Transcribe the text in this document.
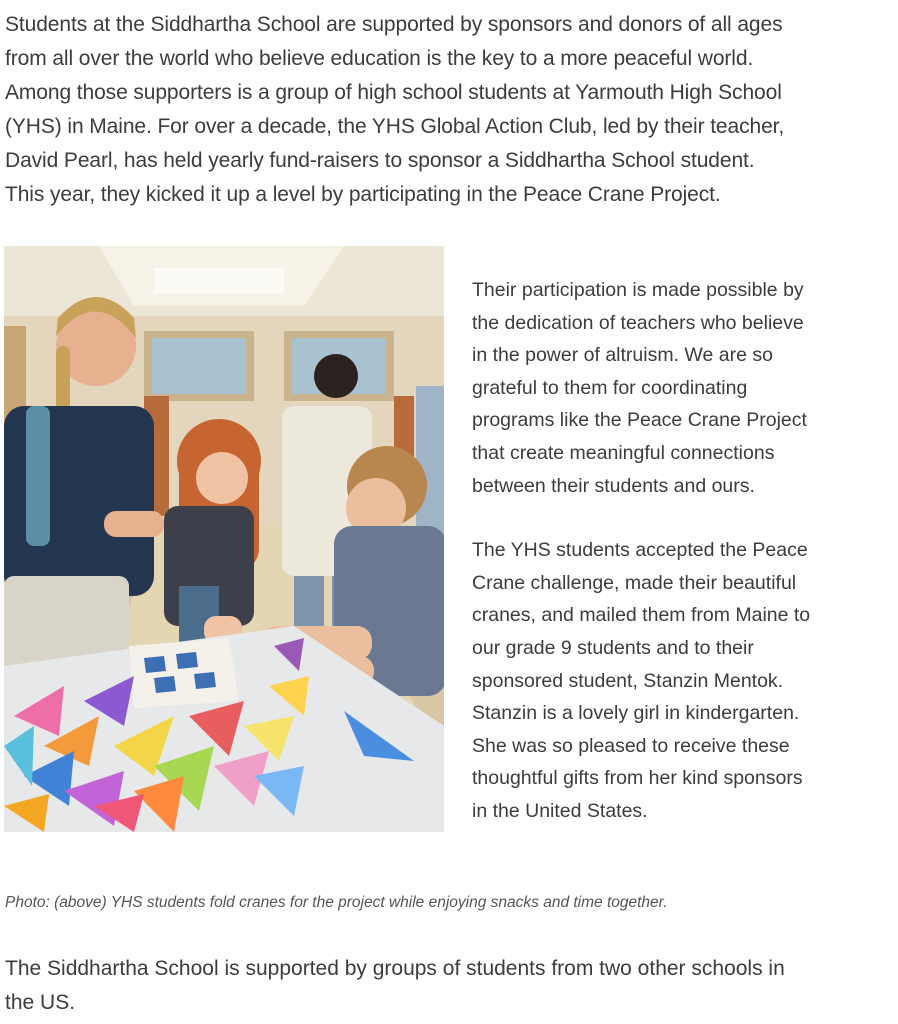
Students at the Siddhartha School are supported by sponsors and donors of all ages
from all over the world who believe education is the key to a more peaceful world.
Among those supporters is a group of high school students at Yarmouth High School
(YHS) in Maine. For over a decade, the YHS Global Action Club, led by their teacher,
David Pearl, has held yearly fund-raisers to sponsor a Siddhartha School student.
This year, they kicked it up a level by participating in the Peace Crane Project.

Their participation is made possible by
the dedication of teachers who believe
in the power of altruism. We are so
grateful to them for coordinating
programs like the Peace Crane Project
that create meaningful connections
between their students and ours.

The YHS students accepted the Peace
Crane challenge, made their beautiful
cranes, and mailed them from Maine to
our grade 9 students and to their
sponsored student, Stanzin Mentok.
Stanzin is a lovely girl in kindergarten.
She was so pleased to receive these
thoughtful gifts from her kind sponsors
in the United States.

Photo: (above) YHS students fold cranes for the project while enjoying snacks and time together.

The Siddhartha School is supported by groups of students from two other schools in
the US.
